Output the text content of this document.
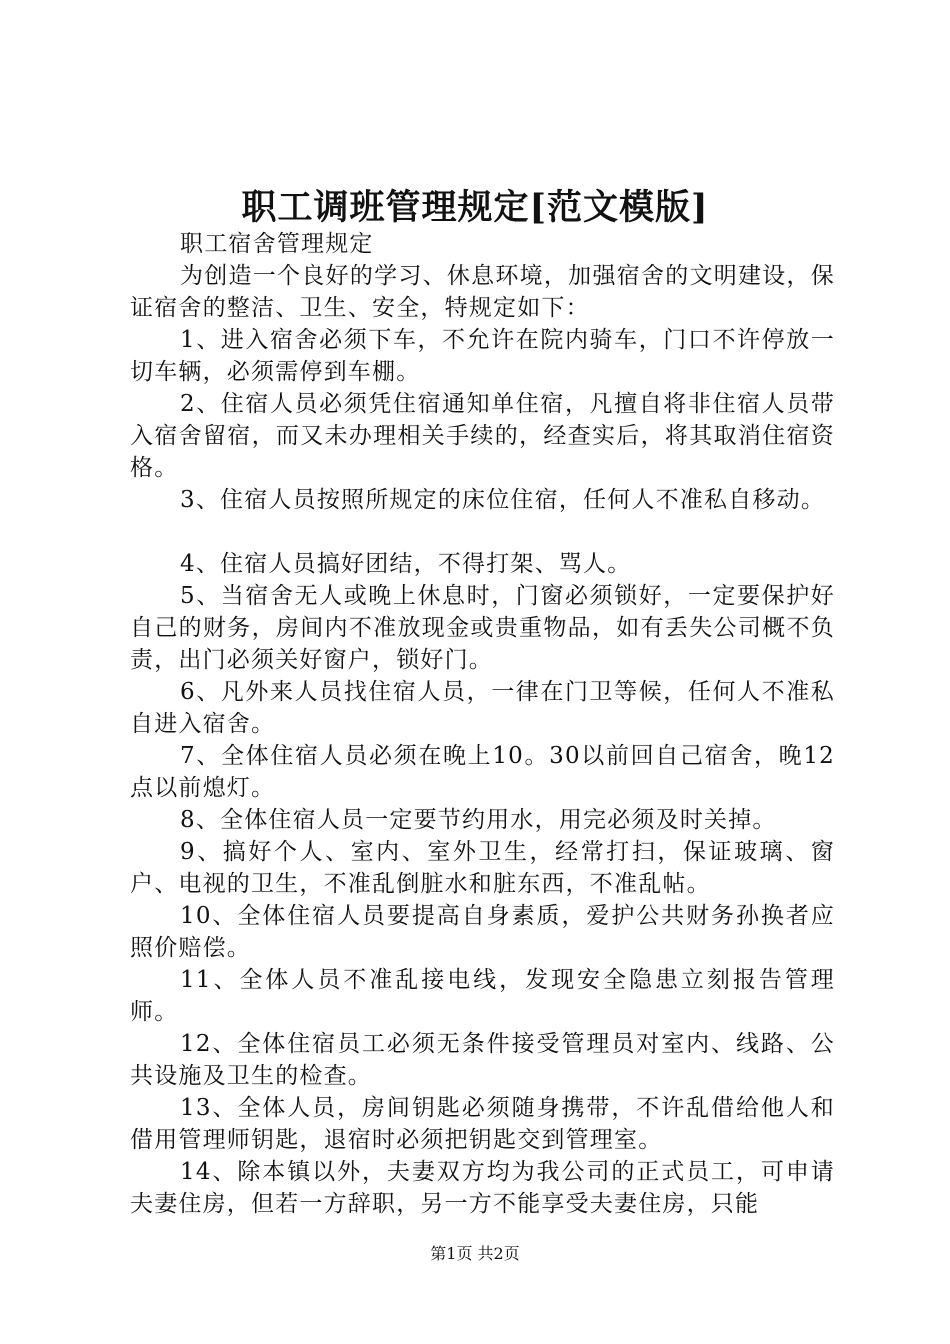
职工调班管理规定[范文模版]

职工宿舍管理规定

为创造一个良好的学习、休息环境，加强宿舍的文明建设，保证宿舍的整洁、卫生、安全，特规定如下：

1、进入宿舍必须下车，不允许在院内骑车，门口不许停放一切车辆，必须需停到车棚。

2、住宿人员必须凭住宿通知单住宿，凡擅自将非住宿人员带入宿舍留宿，而又未办理相关手续的，经查实后，将其取消住宿资格。

3、住宿人员按照所规定的床位住宿，任何人不准私自移动。

4、住宿人员搞好团结，不得打架、骂人。

5、当宿舍无人或晚上休息时，门窗必须锁好，一定要保护好自己的财务，房间内不准放现金或贵重物品，如有丢失公司概不负责，出门必须关好窗户，锁好门。

6、凡外来人员找住宿人员，一律在门卫等候，任何人不准私自进入宿舍。

7、全体住宿人员必须在晚上10。30以前回自己宿舍，晚12点以前熄灯。

8、全体住宿人员一定要节约用水，用完必须及时关掉。

9、搞好个人、室内、室外卫生，经常打扫，保证玻璃、窗户、电视的卫生，不准乱倒脏水和脏东西，不准乱帖。

10、全体住宿人员要提高自身素质，爱护公共财务孙换者应照价赔偿。

11、全体人员不准乱接电线，发现安全隐患立刻报告管理师。

12、全体住宿员工必须无条件接受管理员对室内、线路、公共设施及卫生的检查。

13、全体人员，房间钥匙必须随身携带，不许乱借给他人和借用管理师钥匙，退宿时必须把钥匙交到管理室。

14、除本镇以外，夫妻双方均为我公司的正式员工，可申请夫妻住房，但若一方辞职，另一方不能享受夫妻住房，只能

第1页 共2页
